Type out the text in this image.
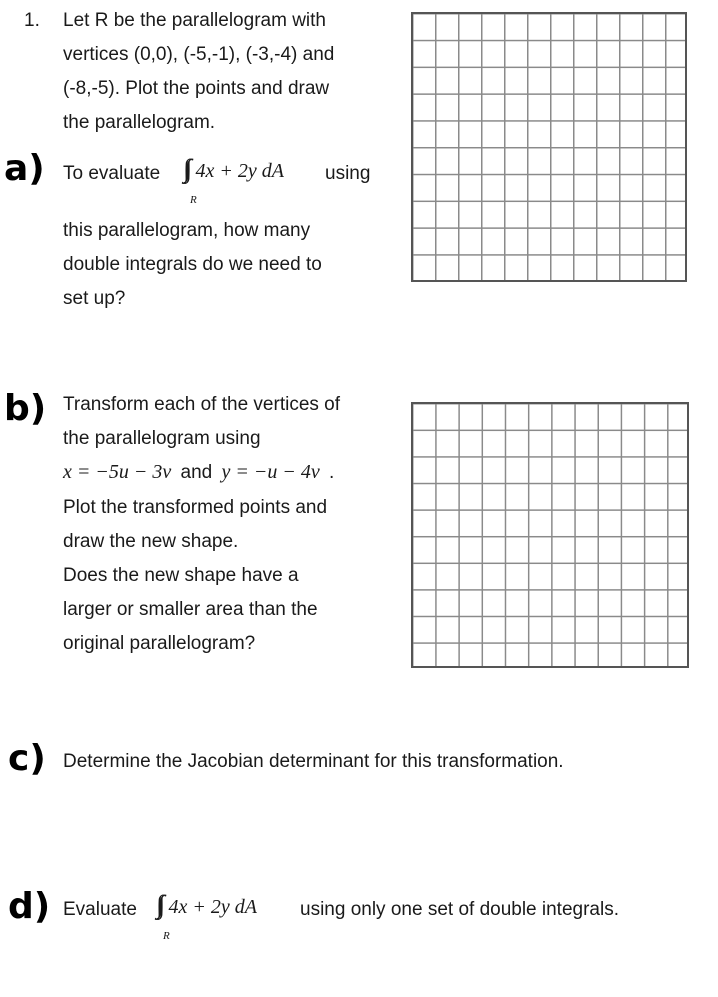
1. Let R be the parallelogram with
vertices (0,0), (-5,-1), (-3,-4) and
(-8,-5). Plot the points and draw
the parallelogram.
a) To evaluate	4x + 2y dA
R
using
this parallelogram, how many
double integrals do we need to
set up?
b) Transform each of the vertices of
the parallelogram using
x = −5u − 3v and y = −u − 4v .
Plot the transformed points and
draw the new shape.
Does the new shape have a
larger or smaller area than the
original parallelogram?
c) Determine the Jacobian determinant for this transformation.
d) Evaluate	4x + 2y dA
R
using only one set of double integrals.
